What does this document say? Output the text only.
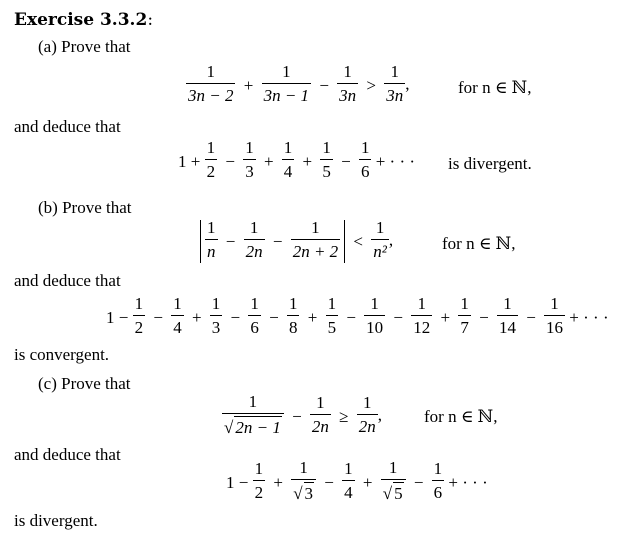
Exercise 3.3.2:
(a) Prove that
$\frac{1}{3n - 2} + \frac{1}{3n - 1} - \frac{1}{3n} > \frac{1}{3n}$ ,	for n ∈ ℕ,
and deduce that
$1 + \frac{1}{2} - \frac{1}{3} + \frac{1}{4} + \frac{1}{5} - \frac{1}{6}$ + · · · is divergent.
(b) Prove that
$\frac{1}{n} - \frac{1}{2n} - \frac{1}{2n + 2} < \frac{1}{\text{n²}}$ ,	for n ∈ ℕ,
and deduce that
$1 - \frac{1}{2} - \frac{1}{4} + \frac{1}{3} - \frac{1}{6} - \frac{1}{8} + \frac{1}{5} - \frac{1}{10} - \frac{1}{12} + \frac{1}{7} - \frac{1}{14} - \frac{1}{16}$ + · · ·
is convergent.
(c) Prove that
$\frac{1}{√ 2n - 1} - \frac{1}{2n} \ge \frac{1}{2n}$ , for n ∈ ℕ,
and deduce that
$1 - \frac{1}{2} + \frac{1}{√ 3} - \frac{1}{4} + \frac{1}{√ 5} - \frac{1}{6}$ + · · ·
is divergent.
